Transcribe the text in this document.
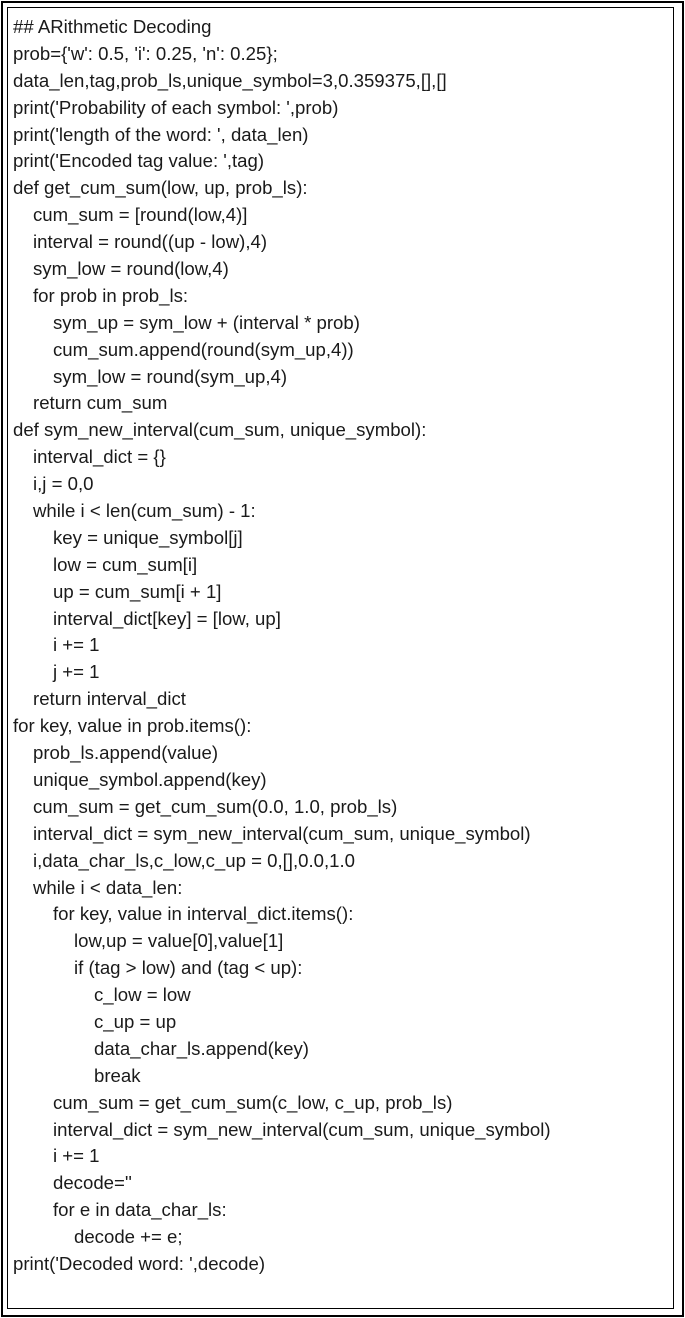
## ARithmetic Decoding
prob={'w': 0.5, 'i': 0.25, 'n': 0.25};
data_len,tag,prob_ls,unique_symbol=3,0.359375,[],[]
print('Probability of each symbol: ',prob)
print('length of the word: ', data_len)
print('Encoded tag value: ',tag)
def get_cum_sum(low, up, prob_ls):
cum_sum = [round(low,4)]
interval = round((up - low),4)
sym_low = round(low,4)
for prob in prob_ls:
sym_up = sym_low + (interval * prob)
cum_sum.append(round(sym_up,4))
sym_low = round(sym_up,4)
return cum_sum
def sym_new_interval(cum_sum, unique_symbol):
interval_dict = {}
i,j = 0,0
while i < len(cum_sum) - 1:
key = unique_symbol[j]
low = cum_sum[i]
up = cum_sum[i + 1]
interval_dict[key] = [low, up]
i += 1
j += 1
return interval_dict
for key, value in prob.items():
prob_ls.append(value)
unique_symbol.append(key)
cum_sum = get_cum_sum(0.0, 1.0, prob_ls)
interval_dict = sym_new_interval(cum_sum, unique_symbol)
i,data_char_ls,c_low,c_up = 0,[],0.0,1.0
while i < data_len:
for key, value in interval_dict.items():
low,up = value[0],value[1]
if (tag > low) and (tag < up):
c_low = low
c_up = up
data_char_ls.append(key)
break
cum_sum = get_cum_sum(c_low, c_up, prob_ls)
interval_dict = sym_new_interval(cum_sum, unique_symbol)
i += 1
decode=''
for e in data_char_ls:
decode += e;
print('Decoded word: ',decode)
